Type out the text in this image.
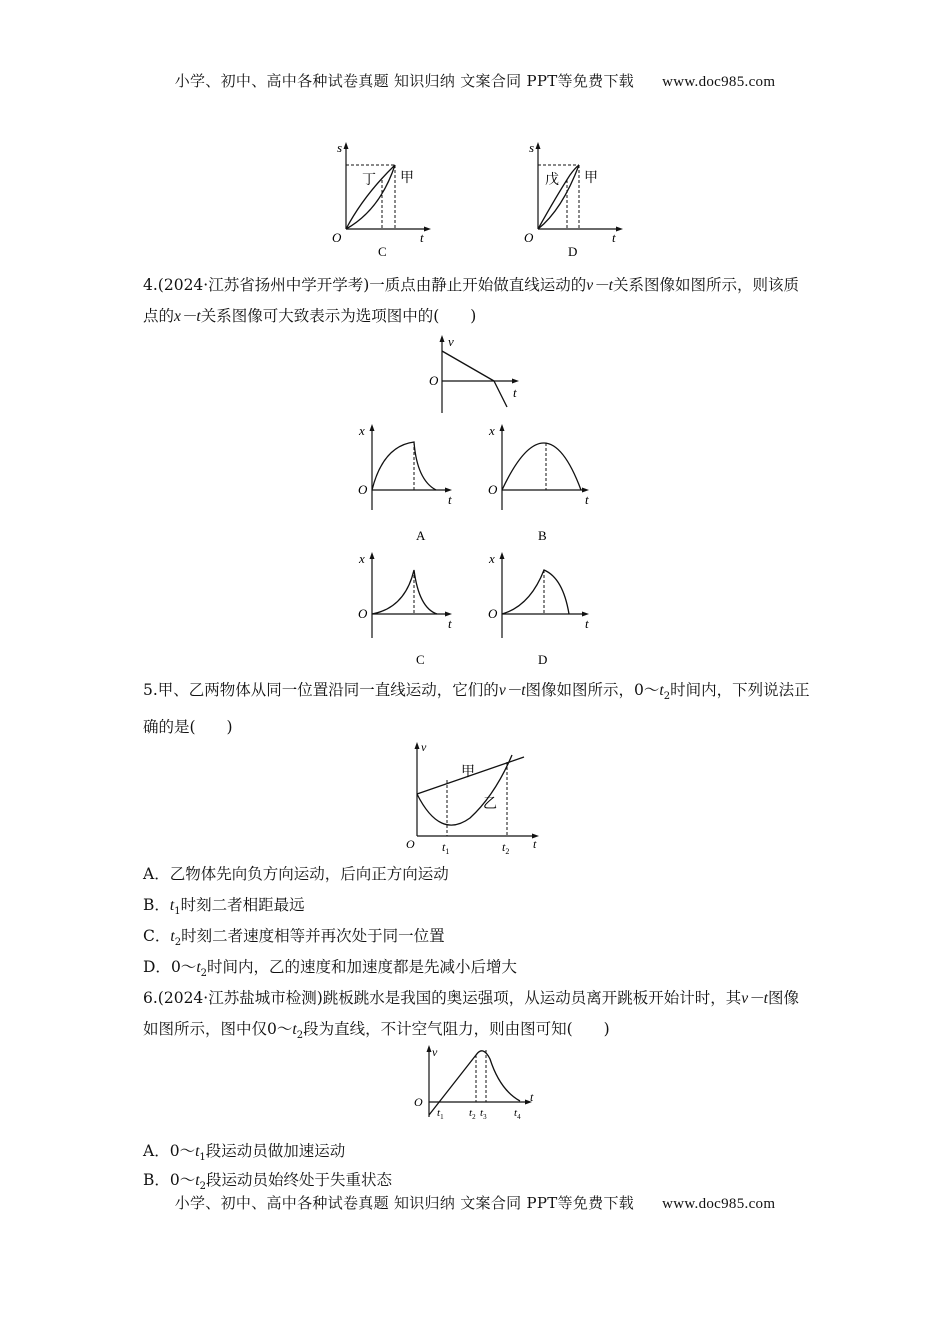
小学、初中、高中各种试卷真题 知识归纳 文案合同 PPT等免费下载 www.doc985.com
s
t
O
丁 甲
C
s
t
O
戊 甲
D
4.(2024·江苏省扬州中学开学考)一质点由静止开始做直线运动的v－t关系图像如图所示，则该质点的x－t关系图像可大致表示为选项图中的(　　)
v
t
O
x
t
O
A
x
t
O
B
x
t
O
C
x
t
O
D
5.甲、乙两物体从同一位置沿同一直线运动，它们的v－t图像如图所示，$0\sim t_2$时间内，下列说法正确的是(　　)
v
t
O
甲
乙
$t_1$	$t_2$
A．乙物体先向负方向运动，后向正方向运动
B．$t_1$时刻二者相距最远
C．$t_2$时刻二者速度相等并再次处于同一位置
D．$0\sim t_2$时间内，乙的速度和加速度都是先减小后增大
6.(2024·江苏盐城市检测)跳板跳水是我国的奥运强项，从运动员离开跳板开始计时，其v－t图像如图所示，图中仅$0\sim t_2$段为直线，不计空气阻力，则由图可知(　　)
v
t
O
$t_1$ $t_2$ $t_3$ $t_4$
A．$0\sim t_1$段运动员做加速运动
B．$0\sim t_2$段运动员始终处于失重状态
小学、初中、高中各种试卷真题 知识归纳 文案合同 PPT等免费下载 www.doc985.com
